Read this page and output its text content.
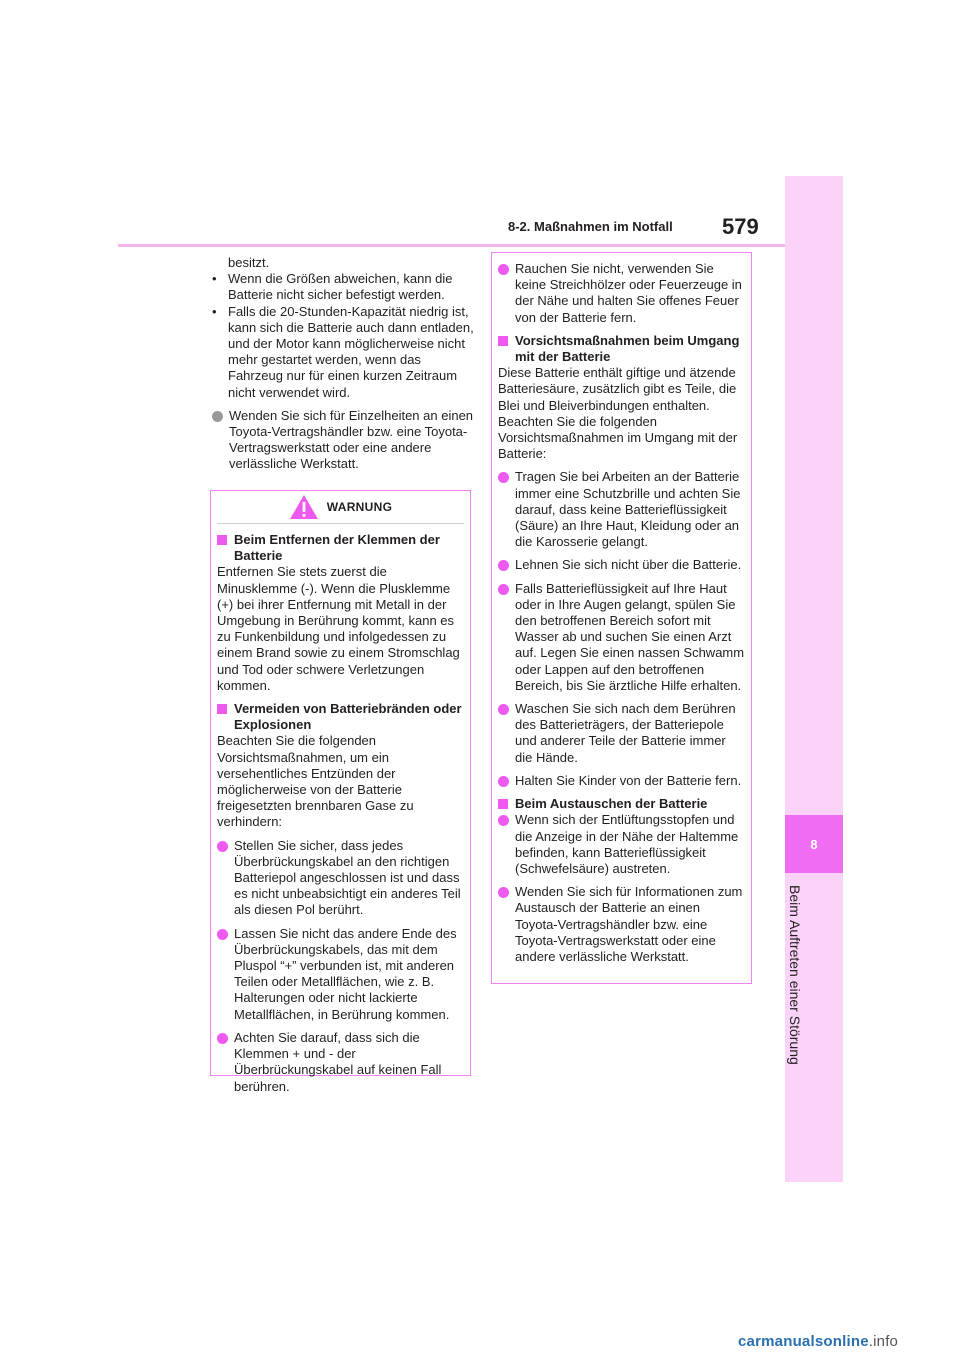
8-2. Maßnahmen im Notfall	579
8
Beim Auftreten einer Störung

besitzt.

• Wenn die Größen abweichen, kann die Batterie nicht sicher befestigt werden.
• Falls die 20-Stunden-Kapazität niedrig ist, kann sich die Batterie auch dann entladen, und der Motor kann möglicherweise nicht mehr gestartet werden, wenn das Fahrzeug nur für einen kurzen Zeitraum nicht verwendet wird.
Wenden Sie sich für Einzelheiten an einen Toyota-Vertragshändler bzw. eine Toyota-Vertragswerkstatt oder eine andere verlässliche Werkstatt.
WARNUNG
Beim Entfernen der Klemmen der Batterie

Entfernen Sie stets zuerst die Minusklemme (-). Wenn die Plusklemme (+) bei ihrer Entfernung mit Metall in der Umgebung in Berührung kommt, kann es zu Funkenbildung und infolgedessen zu einem Brand sowie zu einem Stromschlag und Tod oder schwere Verletzungen kommen.

Vermeiden von Batteriebränden oder Explosionen

Beachten Sie die folgenden Vorsichtsmaßnahmen, um ein versehentliches Entzünden der möglicherweise von der Batterie freigesetzten brennbaren Gase zu verhindern:

Stellen Sie sicher, dass jedes Überbrückungskabel an den richtigen Batteriepol angeschlossen ist und dass es nicht unbeabsichtigt ein anderes Teil als diesen Pol berührt.
Lassen Sie nicht das andere Ende des Überbrückungskabels, das mit dem Pluspol “+” verbunden ist, mit anderen Teilen oder Metallflächen, wie z. B. Halterungen oder nicht lackierte Metallflächen, in Berührung kommen.
Achten Sie darauf, dass sich die Klemmen + und - der Überbrückungskabel auf keinen Fall berühren.
Rauchen Sie nicht, verwenden Sie keine Streichhölzer oder Feuerzeuge in der Nähe und halten Sie offenes Feuer von der Batterie fern.
Vorsichtsmaßnahmen beim Umgang mit der Batterie

Diese Batterie enthält giftige und ätzende Batteriesäure, zusätzlich gibt es Teile, die Blei und Bleiverbindungen enthalten. Beachten Sie die folgenden Vorsichtsmaßnahmen im Umgang mit der Batterie:

Tragen Sie bei Arbeiten an der Batterie immer eine Schutzbrille und achten Sie darauf, dass keine Batterieflüssigkeit (Säure) an Ihre Haut, Kleidung oder an die Karosserie gelangt.
Lehnen Sie sich nicht über die Batterie.
Falls Batterieflüssigkeit auf Ihre Haut oder in Ihre Augen gelangt, spülen Sie den betroffenen Bereich sofort mit Wasser ab und suchen Sie einen Arzt auf. Legen Sie einen nassen Schwamm oder Lappen auf den betroffenen Bereich, bis Sie ärztliche Hilfe erhalten.
Waschen Sie sich nach dem Berühren des Batterieträgers, der Batteriepole und anderer Teile der Batterie immer die Hände.
Halten Sie Kinder von der Batterie fern.
Beim Austauschen der Batterie
Wenn sich der Entlüftungsstopfen und die Anzeige in der Nähe der Haltemme befinden, kann Batterieflüssigkeit (Schwefelsäure) austreten.
Wenden Sie sich für Informationen zum Austausch der Batterie an einen Toyota-Vertragshändler bzw. eine Toyota-Vertragswerkstatt oder eine andere verlässliche Werkstatt.
carmanualsonline.info
